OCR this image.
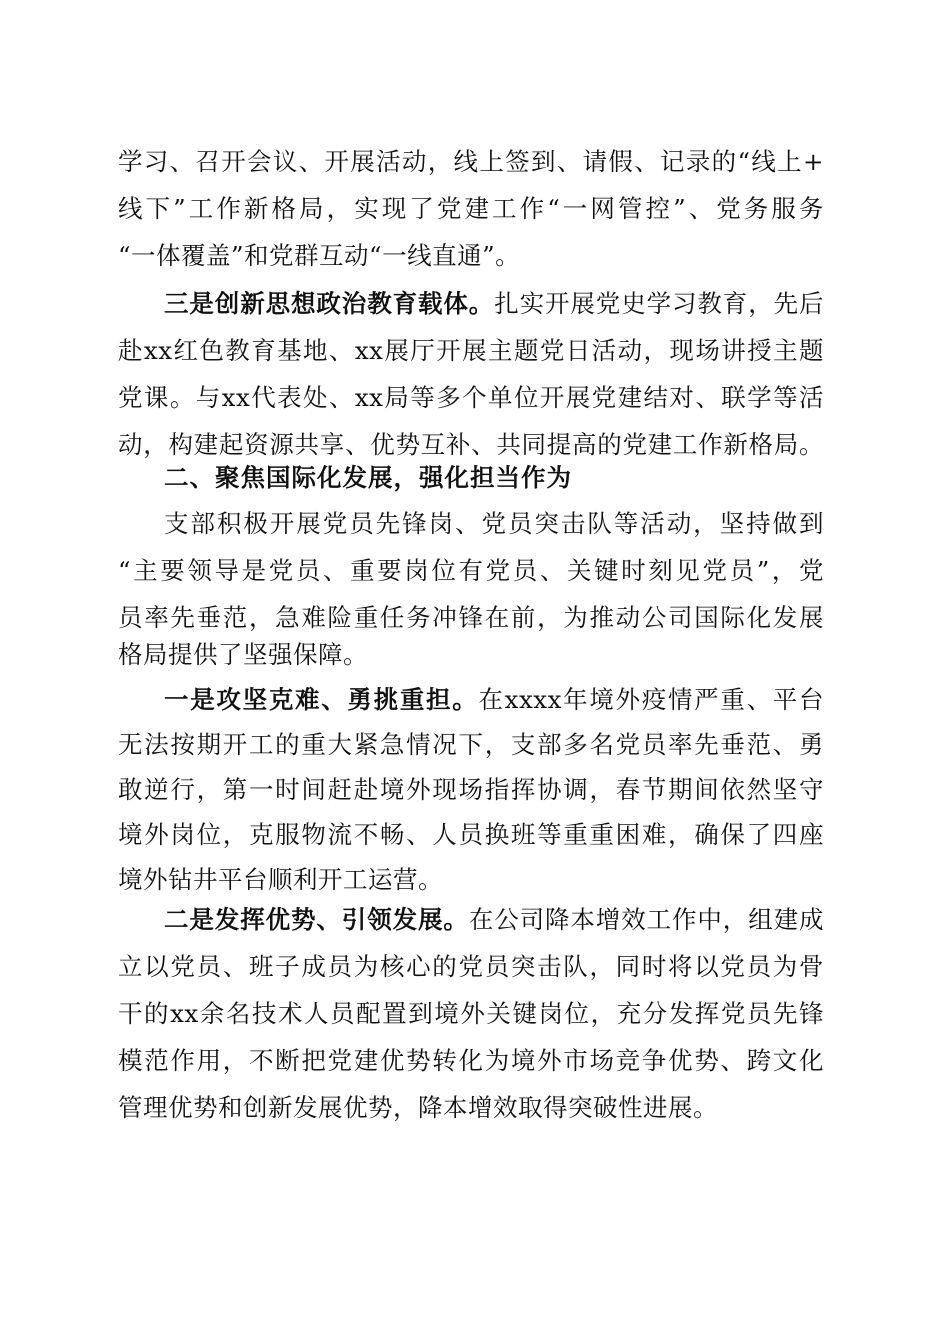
学习、召开会议、开展活动，线上签到、请假、记录的“线上+
线下”工作新格局，实现了党建工作“一网管控”、党务服务
“一体覆盖”和党群互动“一线直通”。
三是创新思想政治教育载体。扎实开展党史学习教育，先后
赴xx红色教育基地、xx展厅开展主题党日活动，现场讲授主题
党课。与xx代表处、xx局等多个单位开展党建结对、联学等活
动，构建起资源共享、优势互补、共同提高的党建工作新格局。
二、聚焦国际化发展，强化担当作为
支部积极开展党员先锋岗、党员突击队等活动，坚持做到
“主要领导是党员、重要岗位有党员、关键时刻见党员”，党
员率先垂范，急难险重任务冲锋在前，为推动公司国际化发展
格局提供了坚强保障。
一是攻坚克难、勇挑重担。在xxxx年境外疫情严重、平台
无法按期开工的重大紧急情况下，支部多名党员率先垂范、勇
敢逆行，第一时间赶赴境外现场指挥协调，春节期间依然坚守
境外岗位，克服物流不畅、人员换班等重重困难，确保了四座
境外钻井平台顺利开工运营。
二是发挥优势、引领发展。在公司降本增效工作中，组建成
立以党员、班子成员为核心的党员突击队，同时将以党员为骨
干的xx余名技术人员配置到境外关键岗位，充分发挥党员先锋
模范作用，不断把党建优势转化为境外市场竞争优势、跨文化
管理优势和创新发展优势，降本增效取得突破性进展。
